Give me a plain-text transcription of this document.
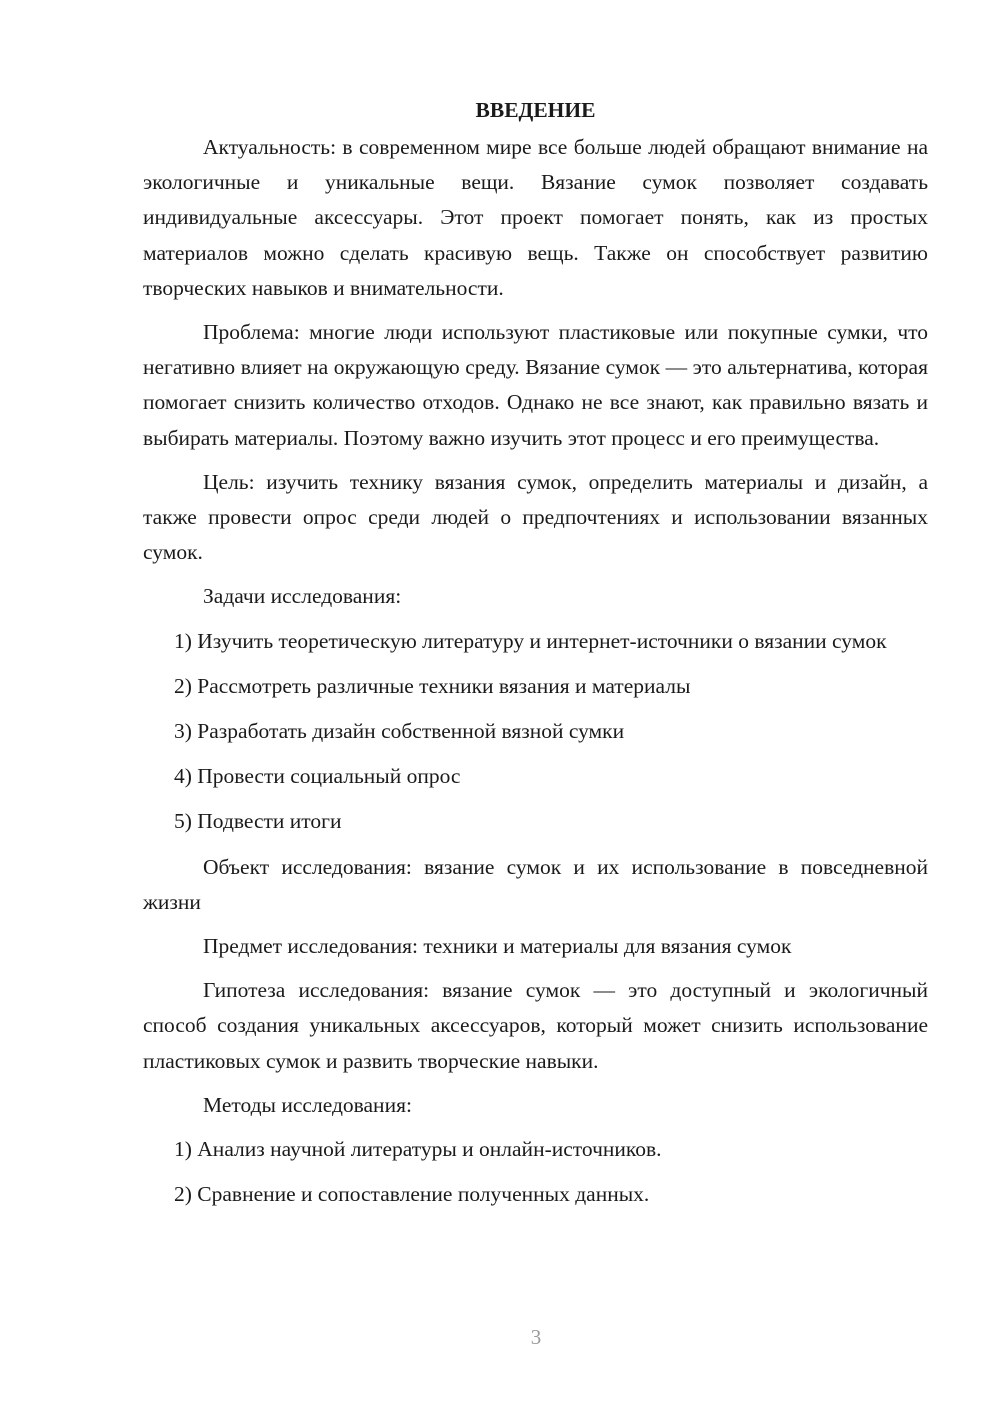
ВВЕДЕНИЕ

Актуальность: в современном мире все больше людей обращают внимание на экологичные и уникальные вещи. Вязание сумок позволяет создавать индивидуальные аксессуары. Этот проект помогает понять, как из простых материалов можно сделать красивую вещь. Также он способствует развитию творческих навыков и внимательности.

Проблема: многие люди используют пластиковые или покупные сумки, что негативно влияет на окружающую среду. Вязание сумок — это альтернатива, которая помогает снизить количество отходов. Однако не все знают, как правильно вязать и выбирать материалы. Поэтому важно изучить этот процесс и его преимущества.

Цель: изучить технику вязания сумок, определить материалы и дизайн, а также провести опрос среди людей о предпочтениях и использовании вязанных сумок.

Задачи исследования:

1) Изучить теоретическую литературу и интернет-источники о вязании сумок

2) Рассмотреть различные техники вязания и материалы

3) Разработать дизайн собственной вязной сумки

4) Провести социальный опрос

5) Подвести итоги

Объект исследования: вязание сумок и их использование в повседневной жизни

Предмет исследования: техники и материалы для вязания сумок

Гипотеза исследования: вязание сумок — это доступный и экологичный способ создания уникальных аксессуаров, который может снизить использование пластиковых сумок и развить творческие навыки.

Методы исследования:

1) Анализ научной литературы и онлайн-источников.

2) Сравнение и сопоставление полученных данных.

3
